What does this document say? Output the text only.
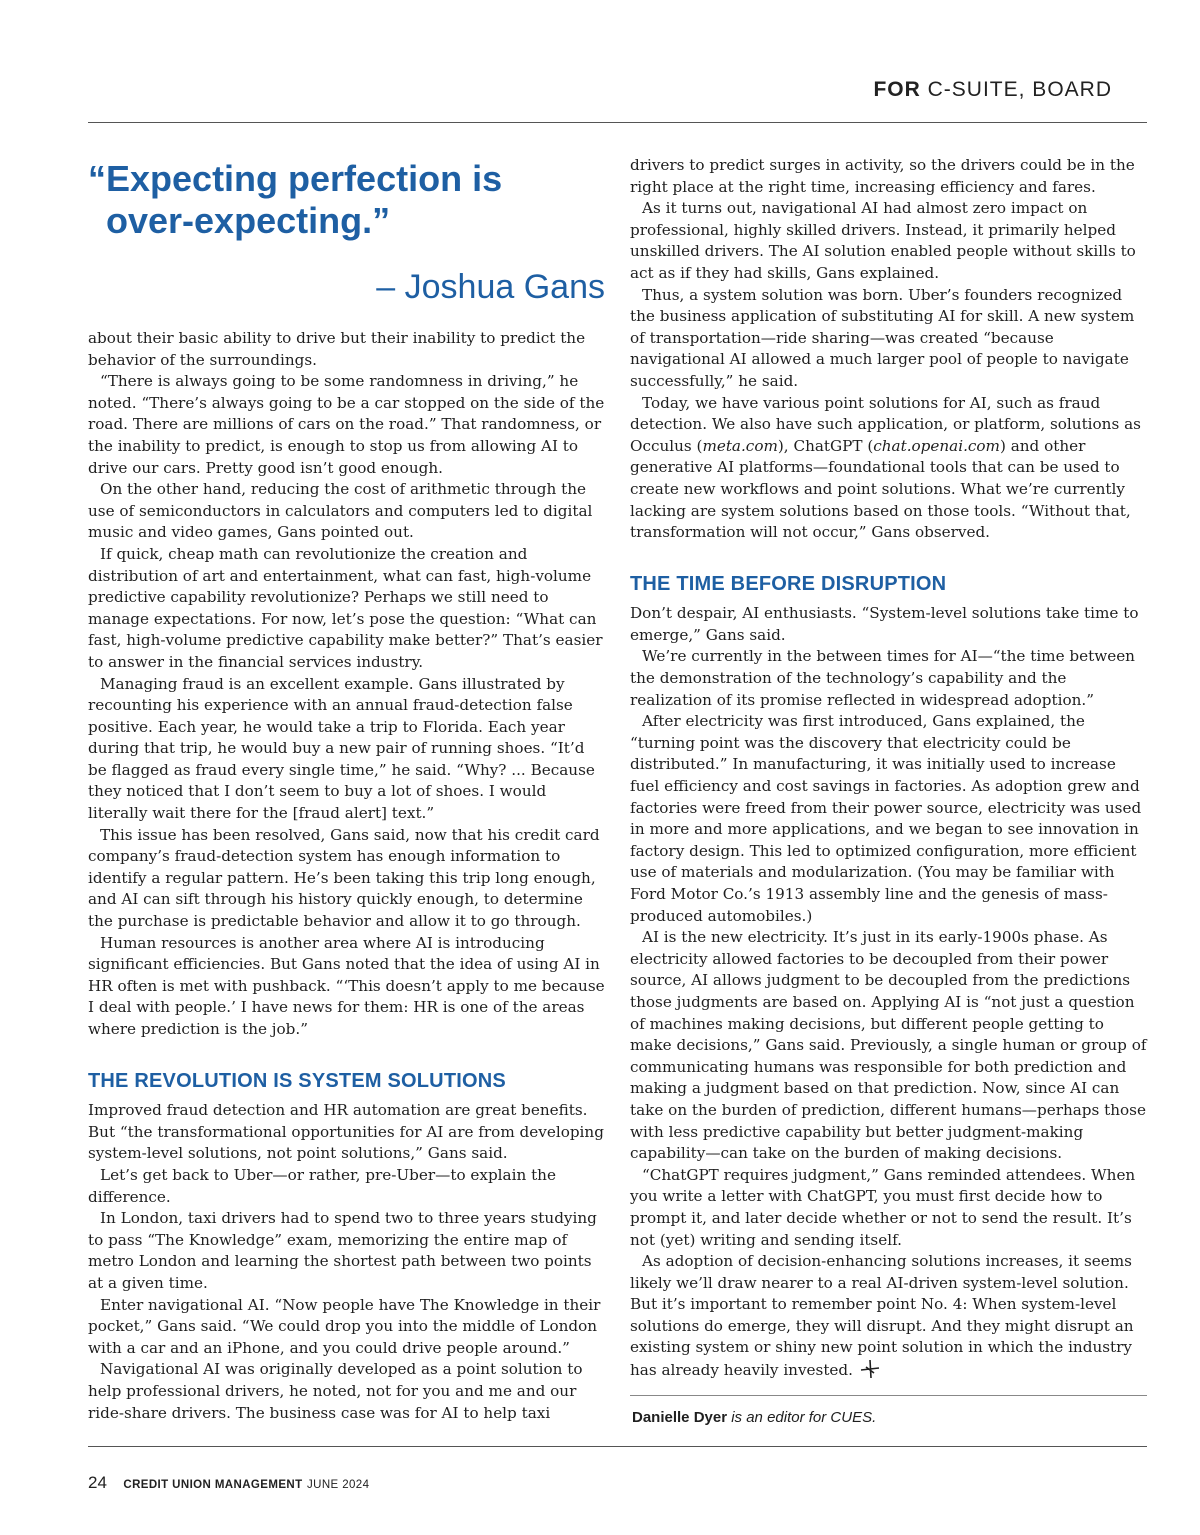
FOR C-SUITE, BOARD

“Expecting perfection is
over-expecting.”

– Joshua Gans

about their basic ability to drive but their inability to predict the behavior of the surroundings.

“There is always going to be some randomness in driving,” he noted. “There’s always going to be a car stopped on the side of the road. There are millions of cars on the road.” That randomness, or the inability to predict, is enough to stop us from allowing AI to drive our cars. Pretty good isn’t good enough.

On the other hand, reducing the cost of arithmetic through the use of semiconductors in calculators and computers led to digital music and video games, Gans pointed out.

If quick, cheap math can revolutionize the creation and distribution of art and entertainment, what can fast, high-volume predictive capability revolutionize? Perhaps we still need to manage expectations. For now, let’s pose the question: “What can fast, high-volume predictive capability make better?” That’s easier to answer in the financial services industry.

Managing fraud is an excellent example. Gans illustrated by recounting his experience with an annual fraud-detection false positive. Each year, he would take a trip to Florida. Each year during that trip, he would buy a new pair of running shoes. “It’d be flagged as fraud every single time,” he said. “Why? ... Because they noticed that I don’t seem to buy a lot of shoes. I would literally wait there for the [fraud alert] text.”

This issue has been resolved, Gans said, now that his credit card company’s fraud-detection system has enough information to identify a regular pattern. He’s been taking this trip long enough, and AI can sift through his history quickly enough, to determine the purchase is predictable behavior and allow it to go through.

Human resources is another area where AI is introducing significant efficiencies. But Gans noted that the idea of using AI in HR often is met with pushback. “‘This doesn’t apply to me because I deal with people.’ I have news for them: HR is one of the areas where prediction is the job.”

THE REVOLUTION IS SYSTEM SOLUTIONS

Improved fraud detection and HR automation are great benefits. But “the transformational opportunities for AI are from developing system-level solutions, not point solutions,” Gans said.

Let’s get back to Uber—or rather, pre-Uber—to explain the difference.

In London, taxi drivers had to spend two to three years studying to pass “The Knowledge” exam, memorizing the entire map of metro London and learning the shortest path between two points at a given time.

Enter navigational AI. “Now people have The Knowledge in their pocket,” Gans said. “We could drop you into the middle of London with a car and an iPhone, and you could drive people around.”

Navigational AI was originally developed as a point solution to help professional drivers, he noted, not for you and me and our ride-share drivers. The business case was for AI to help taxi

drivers to predict surges in activity, so the drivers could be in the right place at the right time, increasing efficiency and fares.

As it turns out, navigational AI had almost zero impact on professional, highly skilled drivers. Instead, it primarily helped unskilled drivers. The AI solution enabled people without skills to act as if they had skills, Gans explained.

Thus, a system solution was born. Uber’s founders recognized the business application of substituting AI for skill. A new system of transportation—ride sharing—was created “because navigational AI allowed a much larger pool of people to navigate successfully,” he said.

Today, we have various point solutions for AI, such as fraud detection. We also have such application, or platform, solutions as Occulus (meta.com), ChatGPT (chat.openai.com) and other generative AI platforms—foundational tools that can be used to create new workflows and point solutions. What we’re currently lacking are system solutions based on those tools. “Without that, transformation will not occur,” Gans observed.

THE TIME BEFORE DISRUPTION

Don’t despair, AI enthusiasts. “System-level solutions take time to emerge,” Gans said.

We’re currently in the between times for AI—“the time between the demonstration of the technology’s capability and the realization of its promise reflected in widespread adoption.”

After electricity was first introduced, Gans explained, the “turning point was the discovery that electricity could be distributed.” In manufacturing, it was initially used to increase fuel efficiency and cost savings in factories. As adoption grew and factories were freed from their power source, electricity was used in more and more applications, and we began to see innovation in factory design. This led to optimized configuration, more efficient use of materials and modularization. (You may be familiar with Ford Motor Co.’s 1913 assembly line and the genesis of mass-produced automobiles.)

AI is the new electricity. It’s just in its early-1900s phase. As electricity allowed factories to be decoupled from their power source, AI allows judgment to be decoupled from the predictions those judgments are based on. Applying AI is “not just a question of machines making decisions, but different people getting to make decisions,” Gans said. Previously, a single human or group of communicating humans was responsible for both prediction and making a judgment based on that prediction. Now, since AI can take on the burden of prediction, different humans—perhaps those with less predictive capability but better judgment-making capability—can take on the burden of making decisions.

“ChatGPT requires judgment,” Gans reminded attendees. When you write a letter with ChatGPT, you must first decide how to prompt it, and later decide whether or not to send the result. It’s not (yet) writing and sending itself.

As adoption of decision-enhancing solutions increases, it seems likely we’ll draw nearer to a real AI-driven system-level solution. But it’s important to remember point No. 4: When system-level solutions do emerge, they will disrupt. And they might disrupt an existing system or shiny new point solution in which the industry has already heavily invested.

Danielle Dyer is an editor for CUES.
24 CREDIT UNION MANAGEMENT JUNE 2024
